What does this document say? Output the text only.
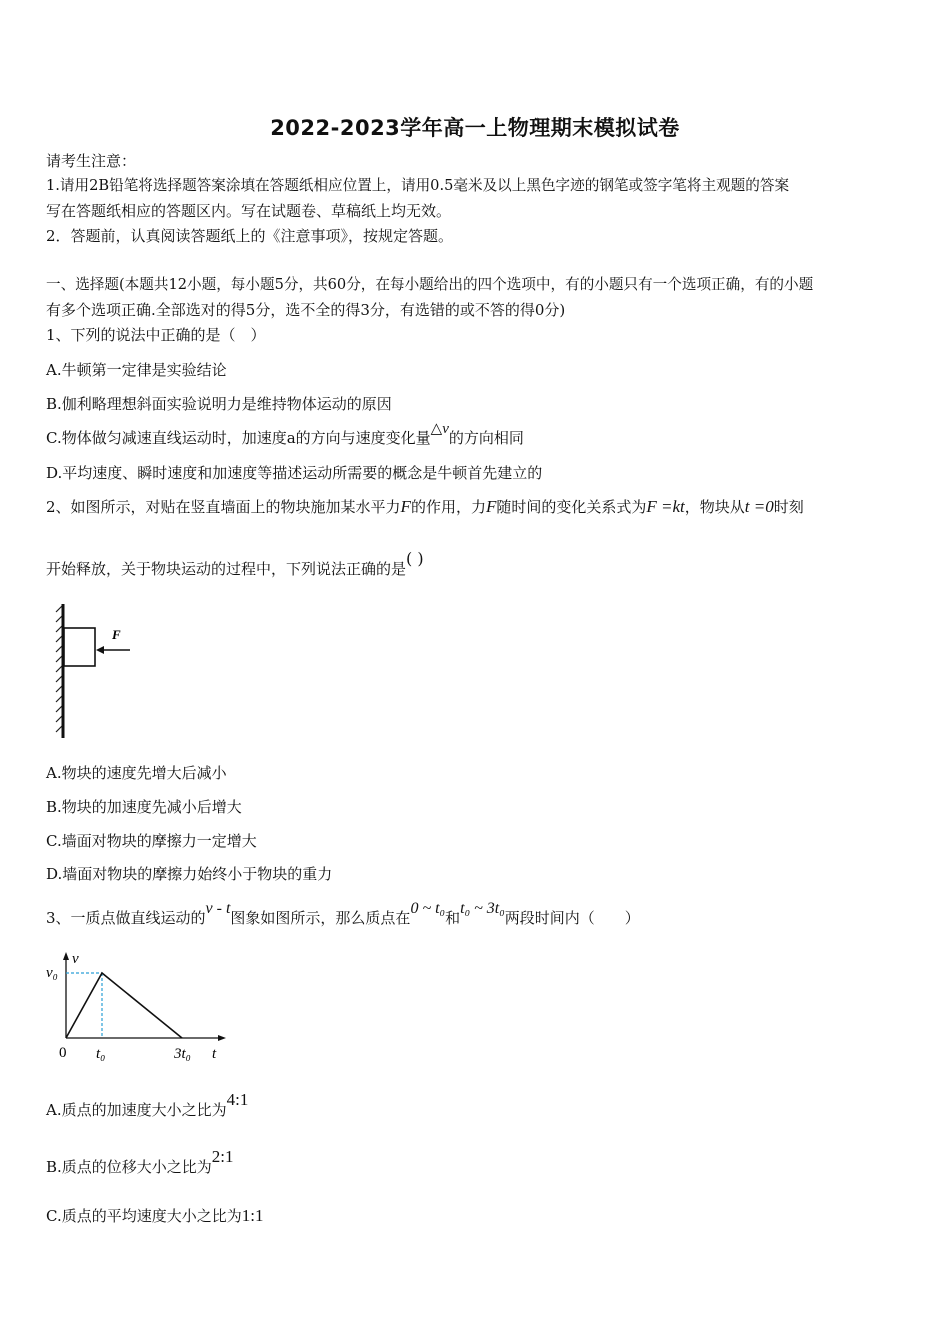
2022-2023学年高一上物理期末模拟试卷
请考生注意：
1.请用2B铅笔将选择题答案涂填在答题纸相应位置上，请用0.5毫米及以上黑色字迹的钢笔或签字笔将主观题的答案
写在答题纸相应的答题区内。写在试题卷、草稿纸上均无效。
2．答题前，认真阅读答题纸上的《注意事项》，按规定答题。
一、选择题(本题共12小题，每小题5分，共60分，在每小题给出的四个选项中，有的小题只有一个选项正确，有的小题
有多个选项正确.全部选对的得5分，选不全的得3分，有选错的或不答的得0分)
1、下列的说法中正确的是（　）
A.牛顿第一定律是实验结论
B.伽利略理想斜面实验说明力是维持物体运动的原因
C.物体做匀减速直线运动时，加速度a的方向与速度变化量△v的方向相同
D.平均速度、瞬时速度和加速度等描述运动所需要的概念是牛顿首先建立的
2、如图所示，对贴在竖直墙面上的物块施加某水平力F的作用，力F随时间的变化关系式为F =kt，物块从t =0时刻
开始释放，关于物块运动的过程中，下列说法正确的是( )
F
A.物块的速度先增大后减小
B.物块的加速度先减小后增大
C.墙面对物块的摩擦力一定增大
D.墙面对物块的摩擦力始终小于物块的重力
3、一质点做直线运动的v - t图象如图所示，那么质点在0 ~ t₀和t₀ ~ 3t₀两段时间内（　　）
v
v₀
0 t₀	3t₀ t
A.质点的加速度大小之比为4:1
B.质点的位移大小之比为2:1
C.质点的平均速度大小之比为1:1
